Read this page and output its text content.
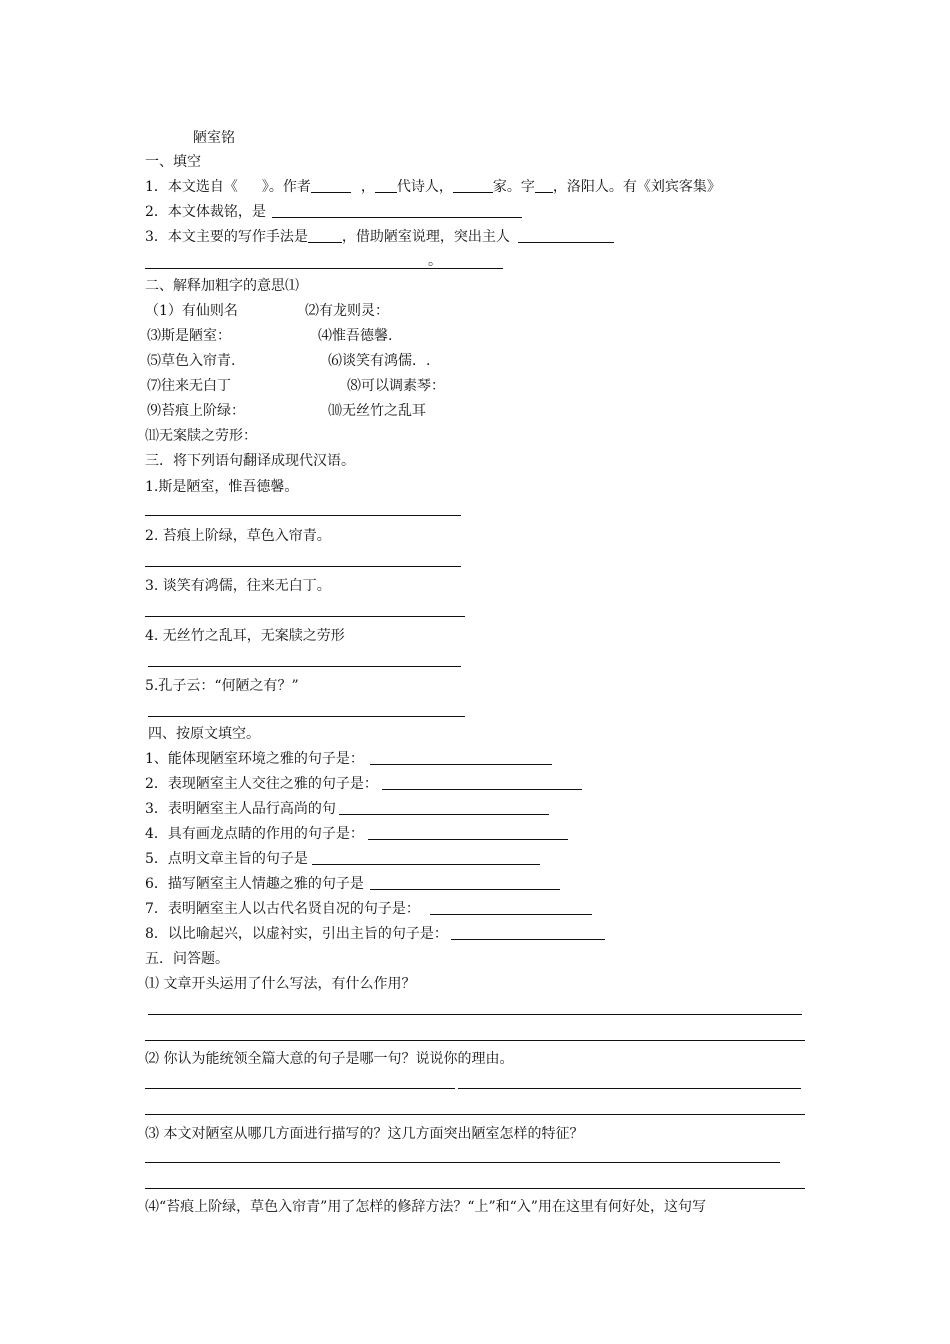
陋室铭
一、填空
1．本文选自《 》。作者	， 代诗人，	家。字 ，洛阳人。有《刘宾客集》
2．本文体裁铭，是
3．本文主要的写作手法是 ，借助陋室说理，突出主人
。
二、解释加粗字的意思⑴
（1）有仙则名	⑵有龙则灵：
⑶斯是陋室：	⑷惟吾德馨.
⑸草色入帘青.	⑹谈笑有鸿儒．.
⑺往来无白丁	⑻可以调素琴：
⑼苔痕上阶绿：	⑽无丝竹之乱耳
⑾无案牍之劳形：
三．将下列语句翻译成现代汉语。
1.斯是陋室，惟吾德馨。
2. 苔痕上阶绿，草色入帘青。
3. 谈笑有鸿儒，往来无白丁。
4. 无丝竹之乱耳，无案牍之劳形
5.孔子云：“何陋之有？”
四、按原文填空。
1、能体现陋室环境之雅的句子是：
2．表现陋室主人交往之雅的句子是：
3．表明陋室主人品行高尚的句
4．具有画龙点睛的作用的句子是：
5．点明文章主旨的句子是
6．描写陋室主人情趣之雅的句子是
7．表明陋室主人以古代名贤自况的句子是：
8．以比喻起兴，以虚衬实，引出主旨的句子是：
五．问答题。
⑴ 文章开头运用了什么写法，有什么作用？
⑵ 你认为能统领全篇大意的句子是哪一句？说说你的理由。
⑶ 本文对陋室从哪几方面进行描写的？这几方面突出陋室怎样的特征？
⑷“苔痕上阶绿，草色入帘青”用了怎样的修辞方法？“上”和“入”用在这里有何好处，这句写
